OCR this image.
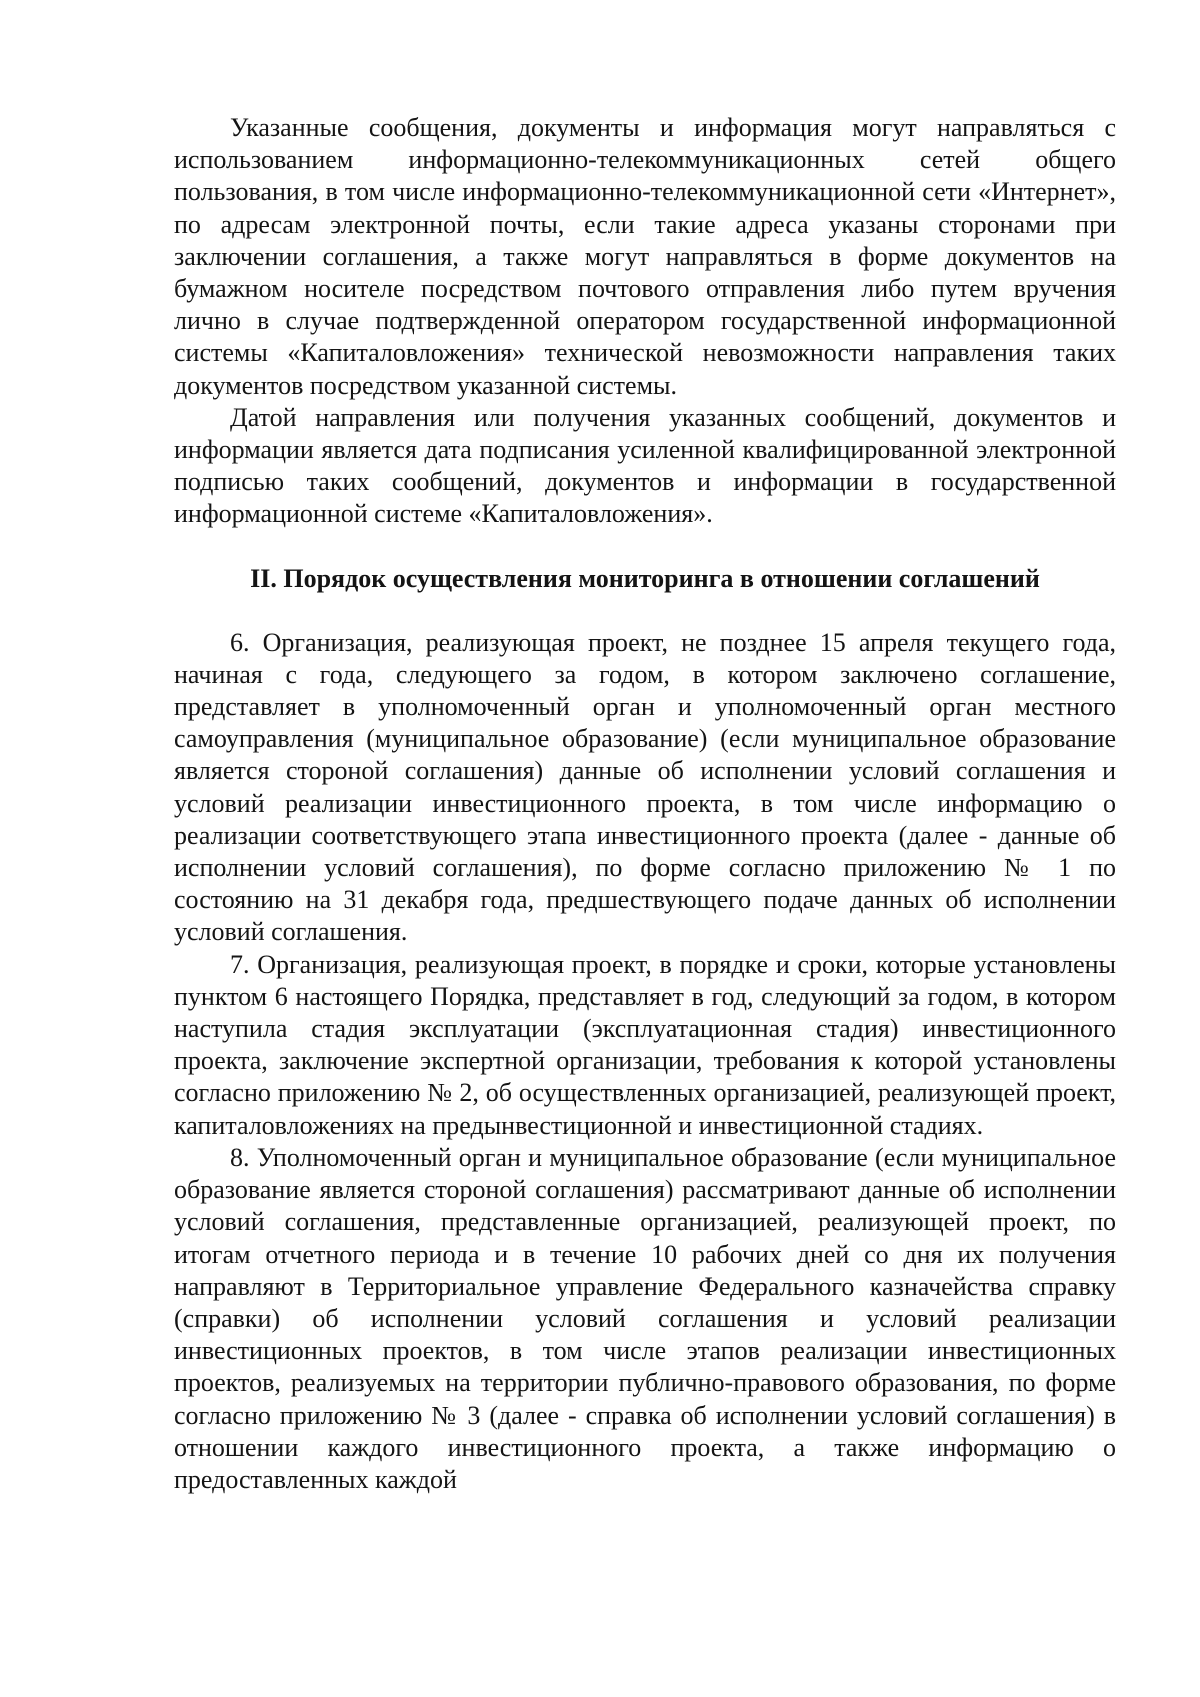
Указанные сообщения, документы и информация могут направляться с использованием информационно-телекоммуникационных сетей общего пользования, в том числе информационно-телекоммуникационной сети «Интернет», по адресам электронной почты, если такие адреса указаны сторонами при заключении соглашения, а также могут направляться в форме документов на бумажном носителе посредством почтового отправления либо путем вручения лично в случае подтвержденной оператором государственной информационной системы «Капиталовложения» технической невозможности направления таких документов посредством указанной системы.

Датой направления или получения указанных сообщений, документов и информации является дата подписания усиленной квалифицированной электронной подписью таких сообщений, документов и информации в государственной информационной системе «Капиталовложения».

II. Порядок осуществления мониторинга в отношении соглашений

6. Организация, реализующая проект, не позднее 15 апреля текущего года, начиная с года, следующего за годом, в котором заключено соглашение, представляет в уполномоченный орган и уполномоченный орган местного самоуправления (муниципальное образование) (если муниципальное образование является стороной соглашения) данные об исполнении условий соглашения и условий реализации инвестиционного проекта, в том числе информацию о реализации соответствующего этапа инвестиционного проекта (далее - данные об исполнении условий соглашения), по форме согласно приложению № 1 по состоянию на 31 декабря года, предшествующего подаче данных об исполнении условий соглашения.

7. Организация, реализующая проект, в порядке и сроки, которые установлены пунктом 6 настоящего Порядка, представляет в год, следующий за годом, в котором наступила стадия эксплуатации (эксплуатационная стадия) инвестиционного проекта, заключение экспертной организации, требования к которой установлены согласно приложению № 2, об осуществленных организацией, реализующей проект, капиталовложениях на предынвестиционной и инвестиционной стадиях.

8. Уполномоченный орган и муниципальное образование (если муниципальное образование является стороной соглашения) рассматривают данные об исполнении условий соглашения, представленные организацией, реализующей проект, по итогам отчетного периода и в течение 10 рабочих дней со дня их получения направляют в Территориальное управление Федерального казначейства справку (справки) об исполнении условий соглашения и условий реализации инвестиционных проектов, в том числе этапов реализации инвестиционных проектов, реализуемых на территории публично-правового образования, по форме согласно приложению № 3 (далее - справка об исполнении условий соглашения) в отношении каждого инвестиционного проекта, а также информацию о предоставленных каждой
